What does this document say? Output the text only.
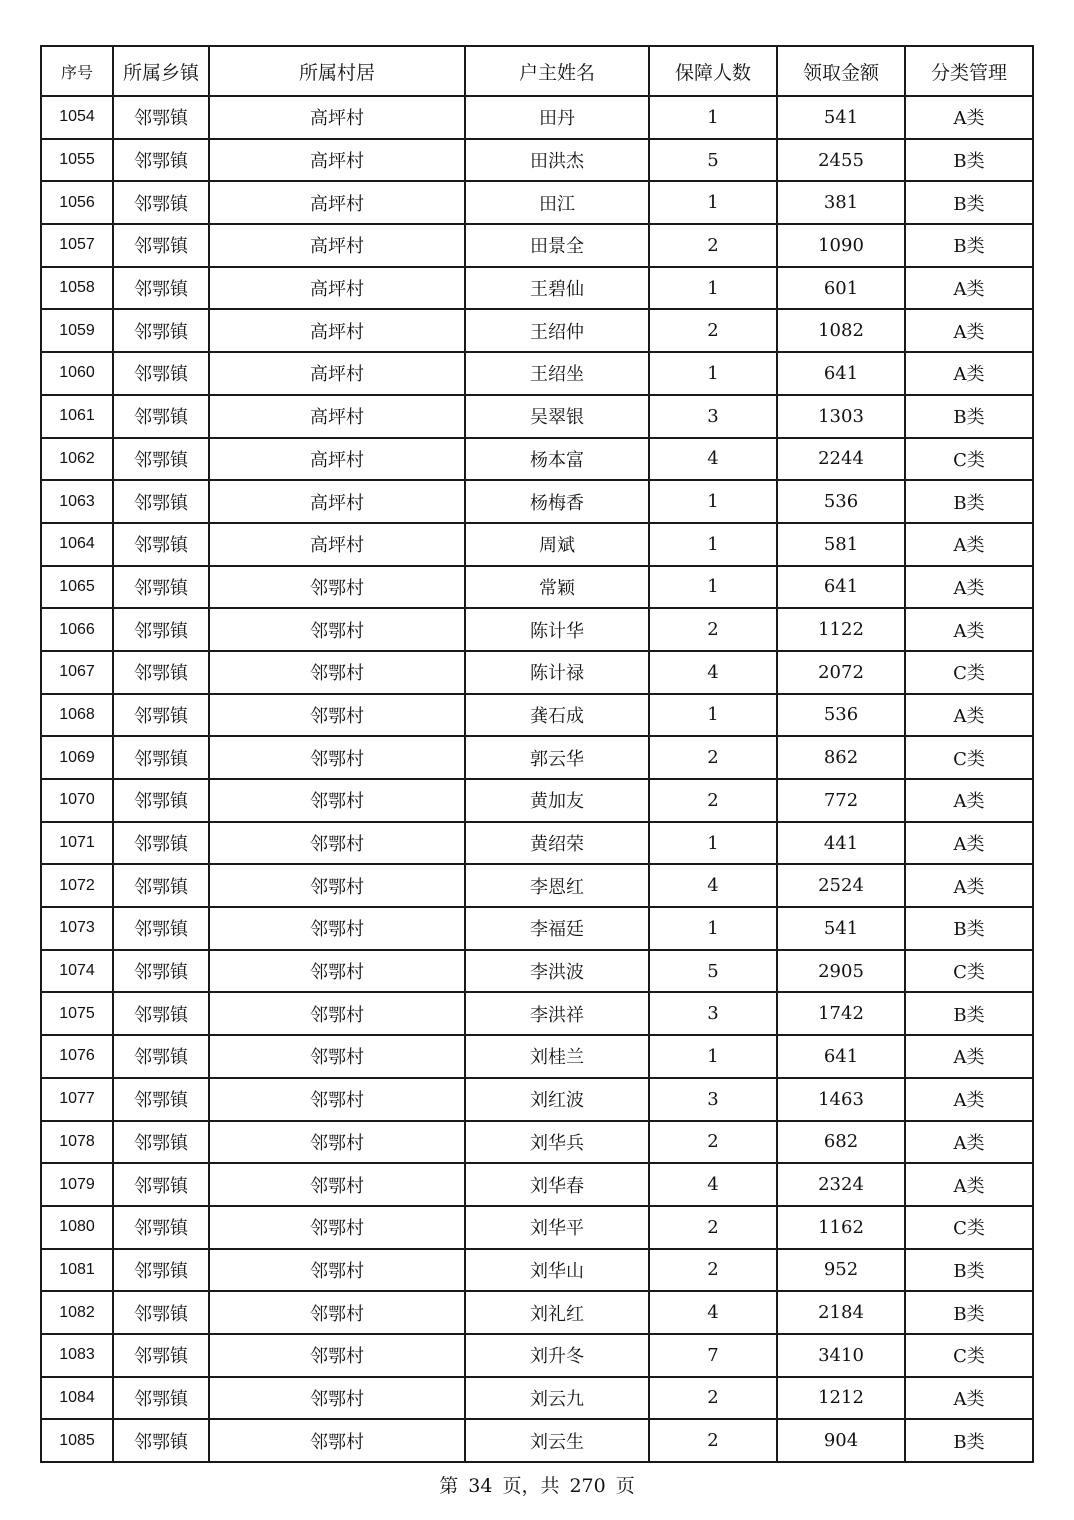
序号	所属乡镇	所属村居	户主姓名	保障人数	领取金额	分类管理
1054	邻鄂镇	高坪村	田丹	1	541	A类
1055	邻鄂镇	高坪村	田洪杰	5	2455	B类
1056	邻鄂镇	高坪村	田江	1	381	B类
1057	邻鄂镇	高坪村	田景全	2	1090	B类
1058	邻鄂镇	高坪村	王碧仙	1	601	A类
1059	邻鄂镇	高坪村	王绍仲	2	1082	A类
1060	邻鄂镇	高坪村	王绍坐	1	641	A类
1061	邻鄂镇	高坪村	吴翠银	3	1303	B类
1062	邻鄂镇	高坪村	杨本富	4	2244	C类
1063	邻鄂镇	高坪村	杨梅香	1	536	B类
1064	邻鄂镇	高坪村	周斌	1	581	A类
1065	邻鄂镇	邻鄂村	常颖	1	641	A类
1066	邻鄂镇	邻鄂村	陈计华	2	1122	A类
1067	邻鄂镇	邻鄂村	陈计禄	4	2072	C类
1068	邻鄂镇	邻鄂村	龚石成	1	536	A类
1069	邻鄂镇	邻鄂村	郭云华	2	862	C类
1070	邻鄂镇	邻鄂村	黄加友	2	772	A类
1071	邻鄂镇	邻鄂村	黄绍荣	1	441	A类
1072	邻鄂镇	邻鄂村	李恩红	4	2524	A类
1073	邻鄂镇	邻鄂村	李福廷	1	541	B类
1074	邻鄂镇	邻鄂村	李洪波	5	2905	C类
1075	邻鄂镇	邻鄂村	李洪祥	3	1742	B类
1076	邻鄂镇	邻鄂村	刘桂兰	1	641	A类
1077	邻鄂镇	邻鄂村	刘红波	3	1463	A类
1078	邻鄂镇	邻鄂村	刘华兵	2	682	A类
1079	邻鄂镇	邻鄂村	刘华春	4	2324	A类
1080	邻鄂镇	邻鄂村	刘华平	2	1162	C类
1081	邻鄂镇	邻鄂村	刘华山	2	952	B类
1082	邻鄂镇	邻鄂村	刘礼红	4	2184	B类
1083	邻鄂镇	邻鄂村	刘升冬	7	3410	C类
1084	邻鄂镇	邻鄂村	刘云九	2	1212	A类
1085	邻鄂镇	邻鄂村	刘云生	2	904	B类
第 34 页，共 270 页
